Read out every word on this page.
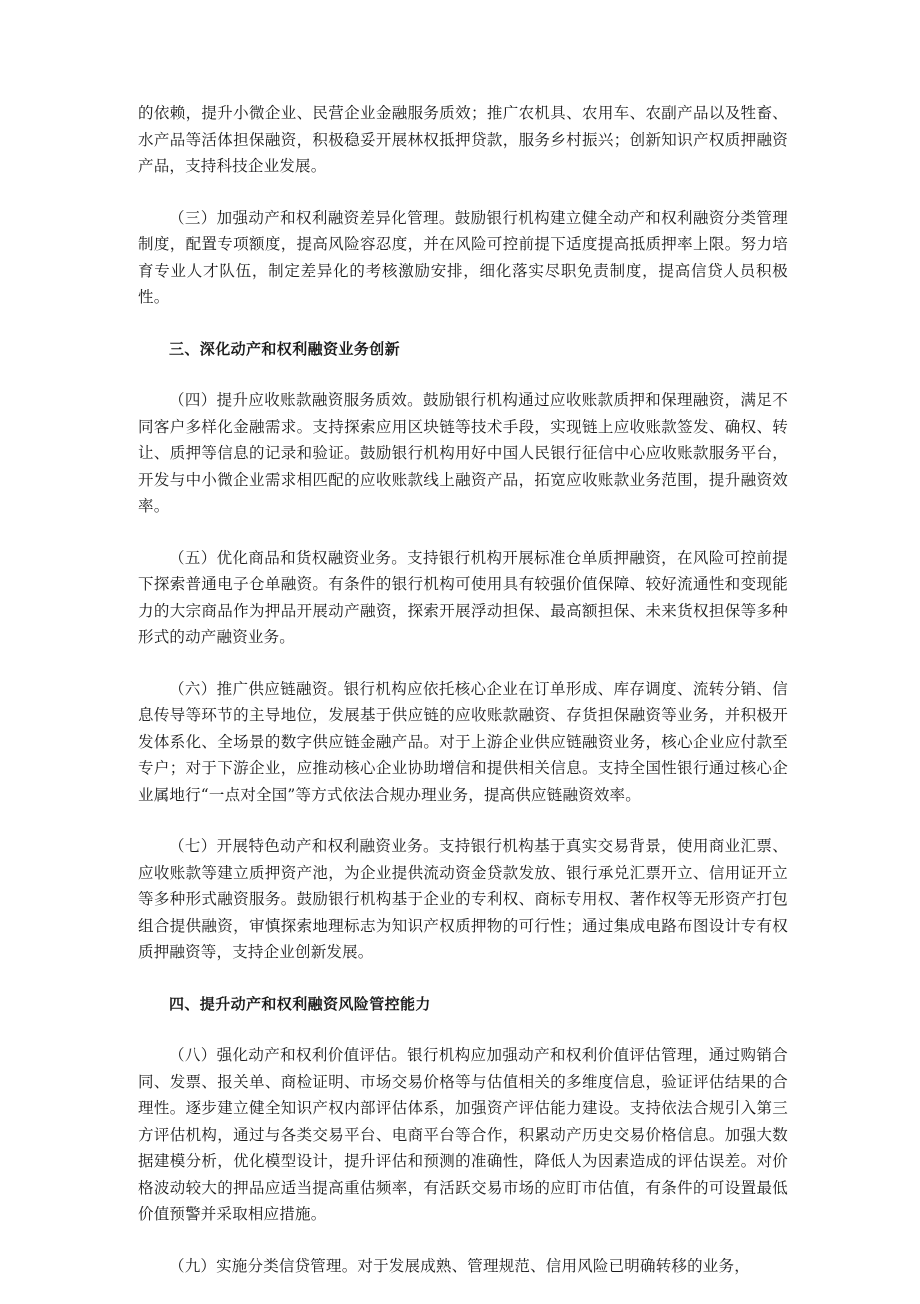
的依赖，提升小微企业、民营企业金融服务质效；推广农机具、农用车、农副产品以及牲畜、水产品等活体担保融资，积极稳妥开展林权抵押贷款，服务乡村振兴；创新知识产权质押融资产品，支持科技企业发展。

（三）加强动产和权利融资差异化管理。鼓励银行机构建立健全动产和权利融资分类管理制度，配置专项额度，提高风险容忍度，并在风险可控前提下适度提高抵质押率上限。努力培育专业人才队伍，制定差异化的考核激励安排，细化落实尽职免责制度，提高信贷人员积极性。

三、深化动产和权利融资业务创新

（四）提升应收账款融资服务质效。鼓励银行机构通过应收账款质押和保理融资，满足不同客户多样化金融需求。支持探索应用区块链等技术手段，实现链上应收账款签发、确权、转让、质押等信息的记录和验证。鼓励银行机构用好中国人民银行征信中心应收账款服务平台，开发与中小微企业需求相匹配的应收账款线上融资产品，拓宽应收账款业务范围，提升融资效率。

（五）优化商品和货权融资业务。支持银行机构开展标准仓单质押融资，在风险可控前提下探索普通电子仓单融资。有条件的银行机构可使用具有较强价值保障、较好流通性和变现能力的大宗商品作为押品开展动产融资，探索开展浮动担保、最高额担保、未来货权担保等多种形式的动产融资业务。

（六）推广供应链融资。银行机构应依托核心企业在订单形成、库存调度、流转分销、信息传导等环节的主导地位，发展基于供应链的应收账款融资、存货担保融资等业务，并积极开发体系化、全场景的数字供应链金融产品。对于上游企业供应链融资业务，核心企业应付款至专户；对于下游企业，应推动核心企业协助增信和提供相关信息。支持全国性银行通过核心企业属地行“一点对全国”等方式依法合规办理业务，提高供应链融资效率。

（七）开展特色动产和权利融资业务。支持银行机构基于真实交易背景，使用商业汇票、应收账款等建立质押资产池，为企业提供流动资金贷款发放、银行承兑汇票开立、信用证开立等多种形式融资服务。鼓励银行机构基于企业的专利权、商标专用权、著作权等无形资产打包组合提供融资，审慎探索地理标志为知识产权质押物的可行性；通过集成电路布图设计专有权质押融资等，支持企业创新发展。

四、提升动产和权利融资风险管控能力

（八）强化动产和权利价值评估。银行机构应加强动产和权利价值评估管理，通过购销合同、发票、报关单、商检证明、市场交易价格等与估值相关的多维度信息，验证评估结果的合理性。逐步建立健全知识产权内部评估体系，加强资产评估能力建设。支持依法合规引入第三方评估机构，通过与各类交易平台、电商平台等合作，积累动产历史交易价格信息。加强大数据建模分析，优化模型设计，提升评估和预测的准确性，降低人为因素造成的评估误差。对价格波动较大的押品应适当提高重估频率，有活跃交易市场的应盯市估值，有条件的可设置最低价值预警并采取相应措施。

（九）实施分类信贷管理。对于发展成熟、管理规范、信用风险已明确转移的业务，
